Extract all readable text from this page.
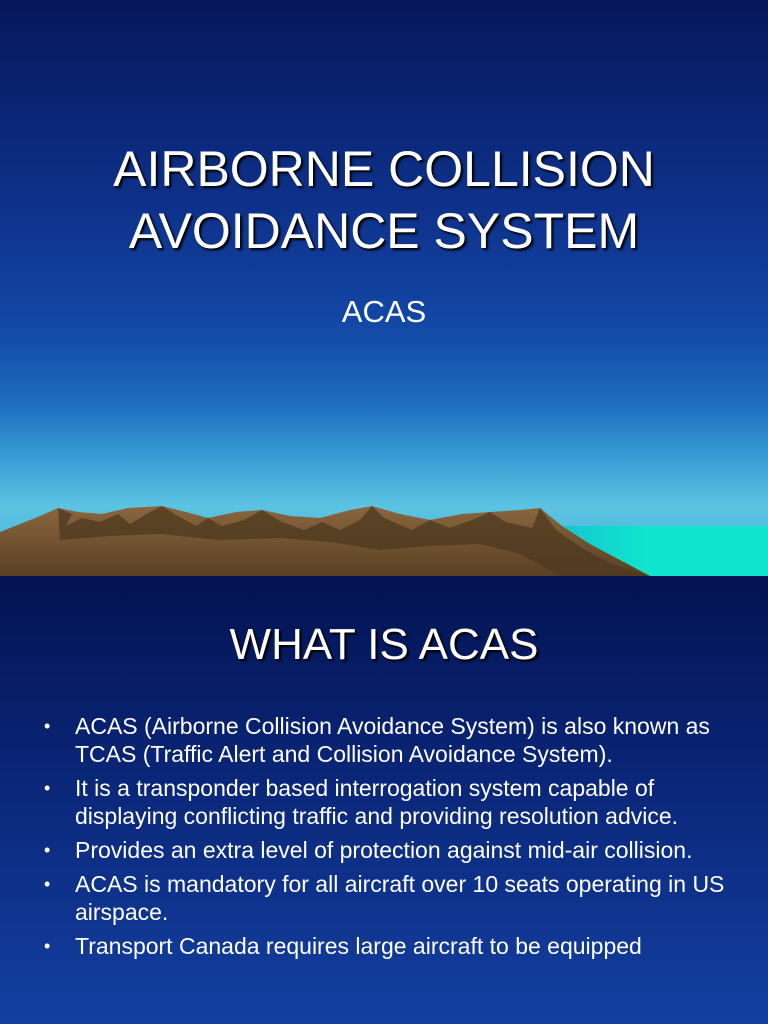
AIRBORNE COLLISION
AVOIDANCE SYSTEM
ACAS
WHAT IS ACAS
• ACAS (Airborne Collision Avoidance System) is also known as TCAS (Traffic Alert and Collision Avoidance System).
• It is a transponder based interrogation system capable of displaying conflicting traffic and providing resolution advice.
• Provides an extra level of protection against mid-air collision.
• ACAS is mandatory for all aircraft over 10 seats operating in US airspace.
• Transport Canada requires large aircraft to be equipped
